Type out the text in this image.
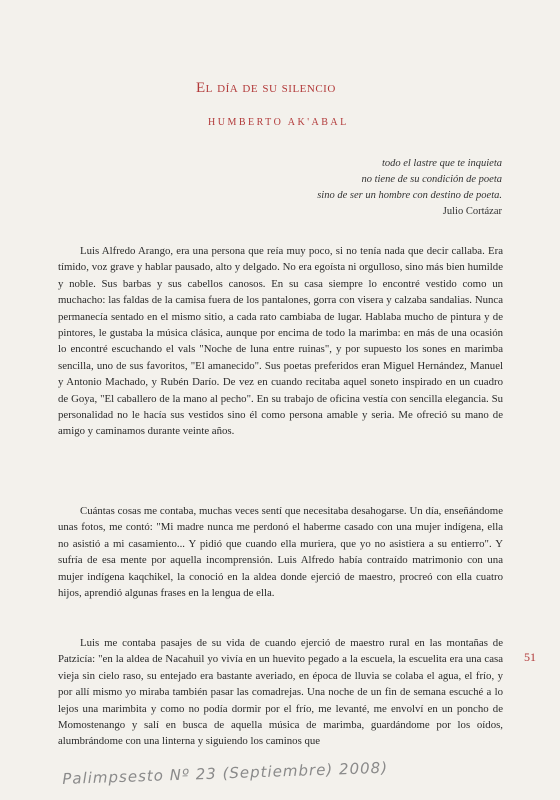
El día de su silencio
HUMBERTO AK'ABAL
todo el lastre que te inquieta
no tiene de su condición de poeta
sino de ser un hombre con destino de poeta.
Julio Cortázar

Luis Alfredo Arango, era una persona que reía muy poco, si no tenía nada que decir callaba. Era tímido, voz grave y hablar pausado, alto y delgado. No era egoísta ni orgulloso, sino más bien humilde y noble. Sus barbas y sus cabellos canosos. En su casa siempre lo encontré vestido como un muchacho: las faldas de la camisa fuera de los pantalones, gorra con visera y calzaba sandalias. Nunca permanecía sentado en el mismo sitio, a cada rato cambiaba de lugar. Hablaba mucho de pintura y de pintores, le gustaba la música clásica, aunque por encima de todo la marimba: en más de una ocasión lo encontré escuchando el vals "Noche de luna entre ruinas", y por supuesto los sones en marimba sencilla, uno de sus favoritos, "El amanecido". Sus poetas preferidos eran Miguel Hernández, Manuel y Antonio Machado, y Rubén Darío. De vez en cuando recitaba aquel soneto inspirado en un cuadro de Goya, "El caballero de la mano al pecho". En su trabajo de oficina vestía con sencilla elegancia. Su personalidad no le hacía sus vestidos sino él como persona amable y seria. Me ofreció su mano de amigo y caminamos durante veinte años.

Cuántas cosas me contaba, muchas veces sentí que necesitaba desahogarse. Un día, enseñándome unas fotos, me contó: "Mi madre nunca me perdonó el haberme casado con una mujer indígena, ella no asistió a mi casamiento... Y pidió que cuando ella muriera, que yo no asistiera a su entierro". Y sufría de esa mente por aquella incomprensión. Luis Alfredo había contraído matrimonio con una mujer indígena kaqchikel, la conoció en la aldea donde ejerció de maestro, procreó con ella cuatro hijos, aprendió algunas frases en la lengua de ella.

Luis me contaba pasajes de su vida de cuando ejerció de maestro rural en las montañas de Patzicía: "en la aldea de Nacahuil yo vivía en un huevito pegado a la escuela, la escuelita era una casa vieja sin cielo raso, su entejado era bastante averiado, en época de lluvia se colaba el agua, el frío, y por allí mismo yo miraba también pasar las comadrejas. Una noche de un fin de semana escuché a lo lejos una marimbita y como no podía dormir por el frío, me levanté, me envolví en un poncho de Momostenango y salí en busca de aquella música de marimba, guardándome por los oídos, alumbrándome con una linterna y siguiendo los caminos que

51
Palimpsesto Nº 23 (Septiembre) 2008)
